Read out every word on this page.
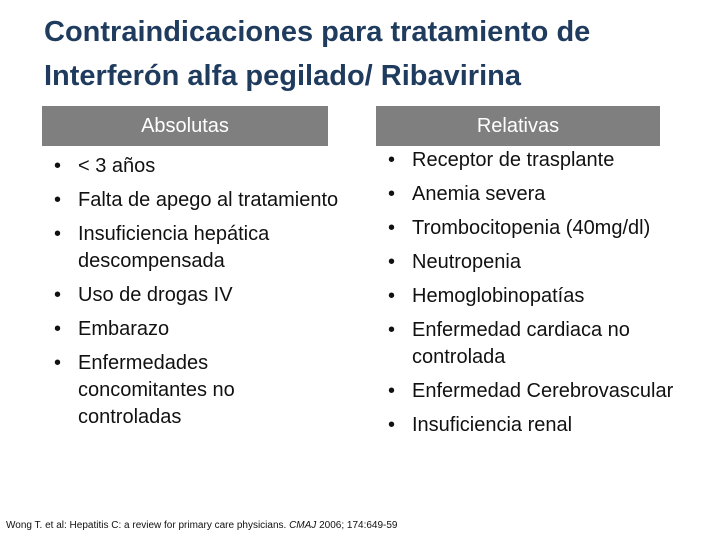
Contraindicaciones para tratamiento de
Interferón alfa pegilado/ Ribavirina
Absolutas	Relativas
• < 3 años
• Falta de apego al tratamiento
• Insuficiencia hepática descompensada
• Uso de drogas IV
• Embarazo
• Enfermedades concomitantes no controladas
• Receptor de trasplante
• Anemia severa
• Trombocitopenia (40mg/dl)
• Neutropenia
• Hemoglobinopatías
• Enfermedad cardiaca no controlada
• Enfermedad Cerebrovascular
• Insuficiencia renal
Wong T. et al: Hepatitis C: a review for primary care physicians. CMAJ 2006; 174:649-59
